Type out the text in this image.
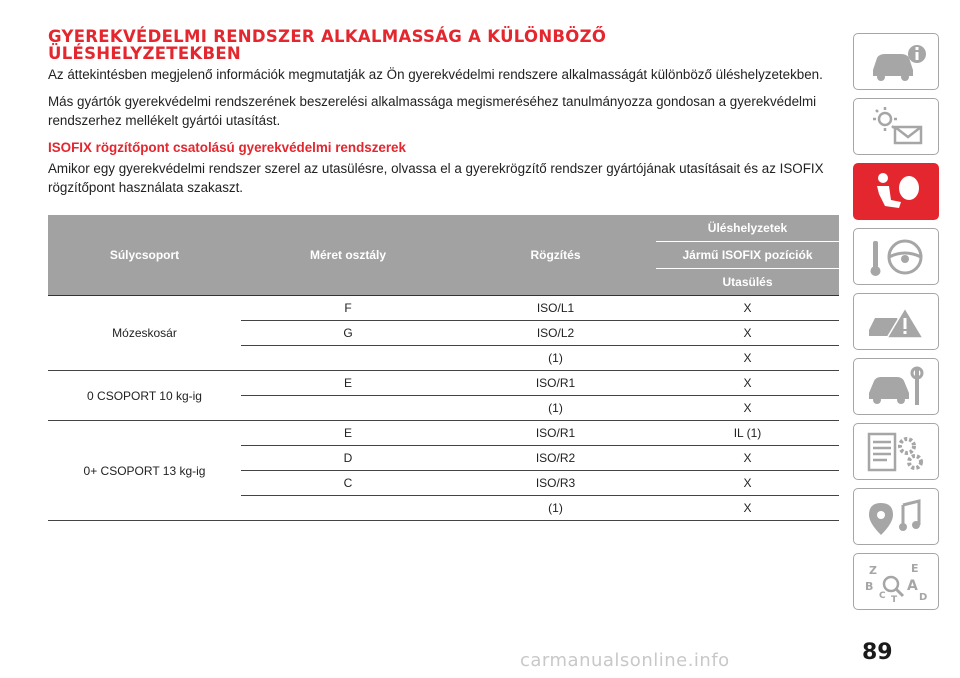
GYEREKVÉDELMI RENDSZER ALKALMASSÁG A KÜLÖNBÖZŐ
ÜLÉSHELYZETEKBEN

Az áttekintésben megjelenő információk megmutatják az Ön gyerekvédelmi rendszere alkalmasságát különböző üléshelyzetekben.

Más gyártók gyerekvédelmi rendszerének beszerelési alkalmassága megismeréséhez tanulmányozza gondosan a gyerekvédelmi rendszerhez mellékelt gyártói utasítást.

ISOFIX rögzítőpont csatolású gyerekvédelmi rendszerek

Amikor egy gyerekvédelmi rendszer szerel az utasülésre, olvassa el a gyerekrögzítő rendszer gyártójának utasításait és az ISOFIX rögzítőpont használata szakaszt.

Súlycsoport	Méret osztály	Rögzítés	Üléshelyzetek
			Jármű ISOFIX pozíciók
			Utasülés
Mózeskosár	F	ISO/L1	X
	G	ISO/L2	X
		(1)	X
0 CSOPORT 10 kg-ig	E	ISO/R1	X
		(1)	X
0+ CSOPORT 13 kg-ig	E	ISO/R1	IL (1)
	D	ISO/R2	X
	C	ISO/R3	X
		(1)	X
Z	E
B A
C	D
T
89
carmanualsonline.info
